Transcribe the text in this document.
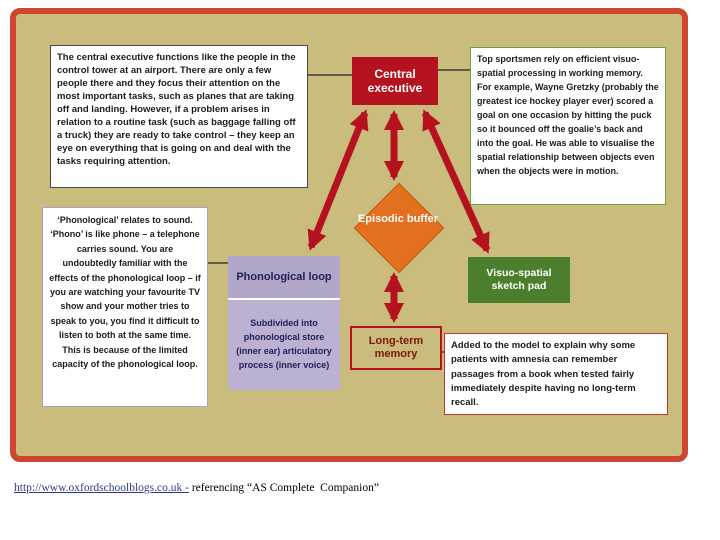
The central executive functions like the people in the control tower at an airport. There are only a few people there and they focus their attention on the most important tasks, such as planes that are taking off and landing. However, if a problem arises in relation to a routine task (such as baggage falling off a truck) they are ready to take control – they keep an eye on everything that is going on and deal with the tasks requiring attention.
Top sportsmen rely on efficient visuo-spatial processing in working memory. For example, Wayne Gretzky (probably the greatest ice hockey player ever) scored a goal on one occasion by hitting the puck so it bounced off the goalie’s back and into the goal. He was able to visualise the spatial relationship between objects even when the objects were in motion.
‘Phonological’ relates to sound. ‘Phono’ is like phone – a telephone carries sound. You are undoubtedly familiar with the effects of the phonological loop – if you are watching your favourite TV show and your mother tries to speak to you, you find it difficult to listen to both at the same time. This is because of the limited capacity of the phonological loop.
Added to the model to explain why some patients with amnesia can remember passages from a book when tested fairly immediately despite having no long-term recall.
Central executive
Episodic buffer
Phonological loop
Subdivided into phonological store (inner ear) articulatory process (inner voice)
Visuo-spatial sketch pad
Long-term memory
http://www.oxfordschoolblogs.co.uk - referencing “AS Complete  Companion”
